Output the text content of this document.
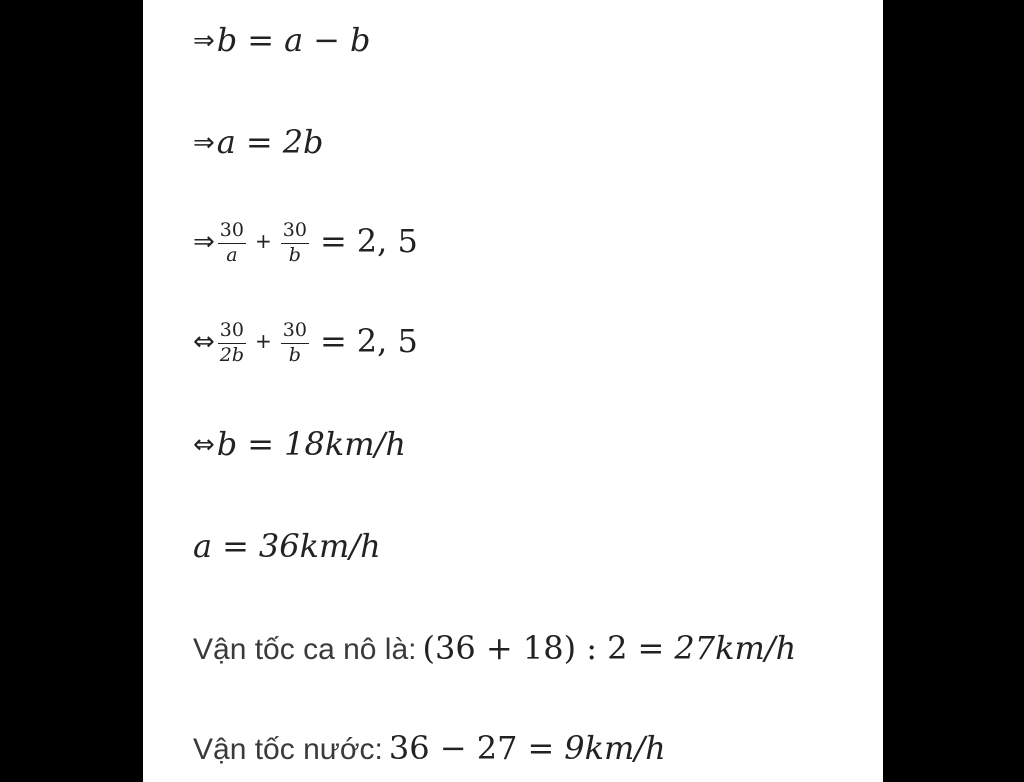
⇒b = a − b
⇒a = 2b
⇒ $\frac{30}{a} + \frac{30}{b} = 2$, 5
⇔ $\frac{30}{2b} + \frac{30}{b} = 2$, 5
⇔b = 18km/h
a = 36km/h
Vận tốc ca nô là: (36 + 18) : 2 = 27km/h
Vận tốc nước: 36 − 27 = 9km/h
